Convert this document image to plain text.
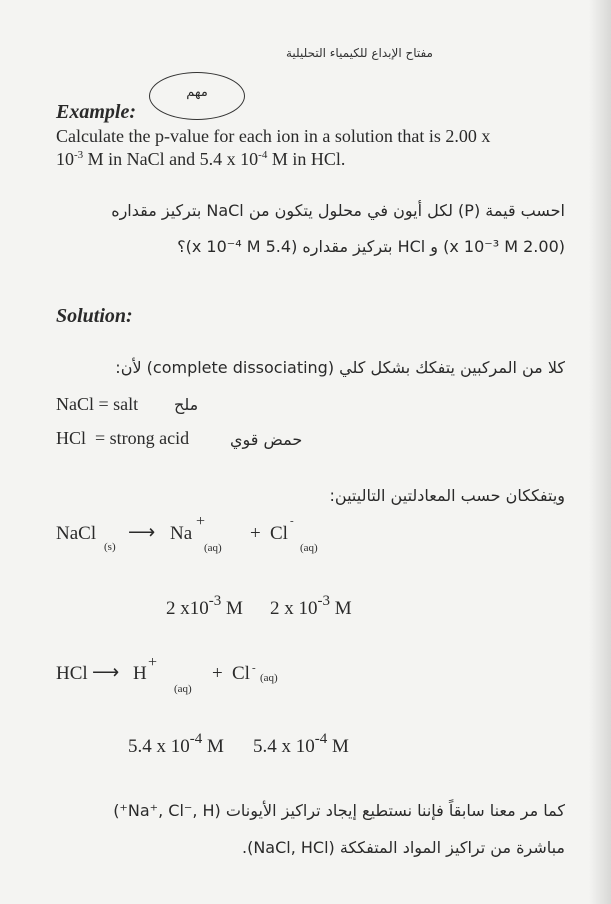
مفتاح الإبداع للكيمياء التحليلية
Example:
مهم
Calculate the p-value for each ion in a solution that is 2.00 x
$10^{-3}$ M in NaCl and 5.4 x $10^{-4}$ M in HCl.
احسب قيمة (P) لكل أيون في محلول يتكون من NaCl بتركيز مقداره
(2.00 x 10⁻³ M) و HCl بتركيز مقداره (5.4 x 10⁻⁴ M)؟
Solution:
كلا من المركبين يتفكك بشكل كلي (complete dissociating) لأن:
NaCl = salt ملح
HCl  = strong acid	حمض قوي
ويتفككان حسب المعادلتين التاليتين:
NaCl
(s)
⟶ Na
+
(aq)
+ Cl
-
(aq)
2 $x10^{-3}$ M 2 x $10^{-3}$ M
HCl ⟶ H
+
(aq)
+ Cl -
(aq)
5.4 x $10^{-4}$ M 5.4 x $10^{-4}$ M
كما مر معنا سابقاً فإننا نستطيع إيجاد تراكيز الأيونات (Na⁺, Cl⁻, H⁺)
مباشرة من تراكيز المواد المتفككة (NaCl, HCl).
